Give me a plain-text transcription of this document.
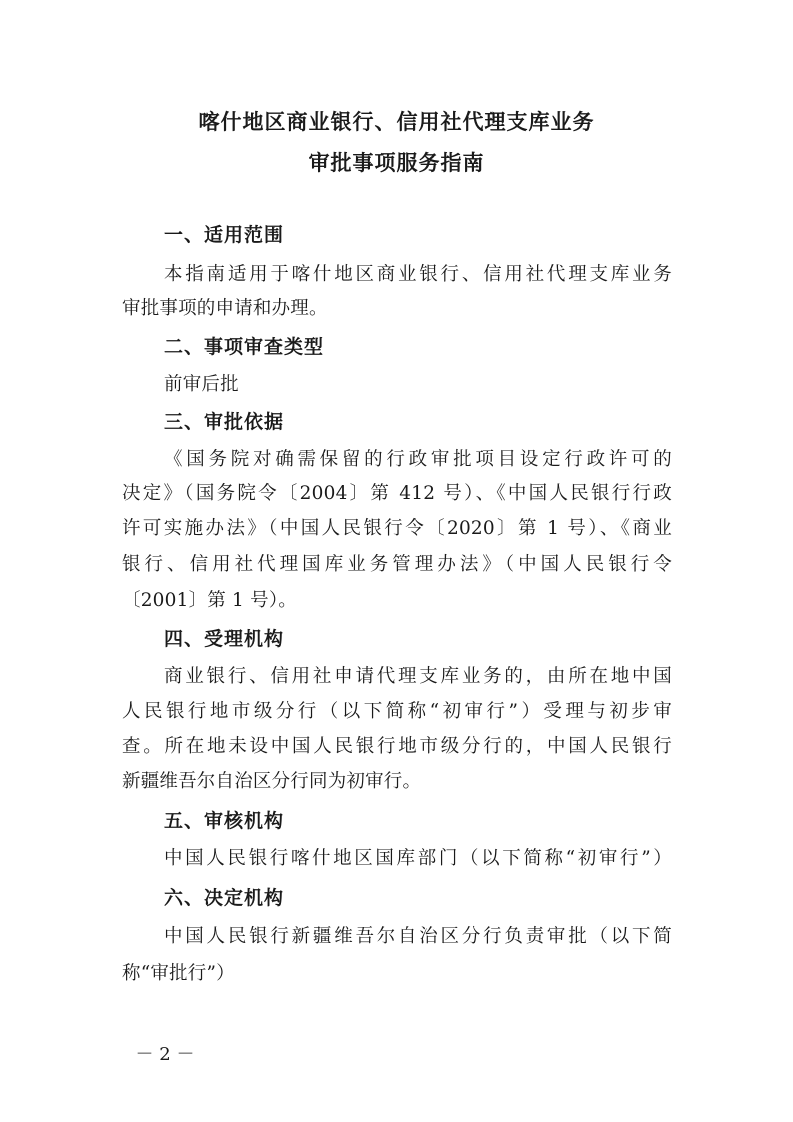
喀什地区商业银行、信用社代理支库业务
审批事项服务指南
一、适用范围
本指南适用于喀什地区商业银行、信用社代理支库业务
审批事项的申请和办理。
二、事项审查类型
前审后批
三、审批依据
《国务院对确需保留的行政审批项目设定行政许可的
决定》（国务院令〔2004〕第 412 号）、《中国人民银行行政
许可实施办法》（中国人民银行令〔2020〕第 1 号）、《商业
银行、信用社代理国库业务管理办法》（中国人民银行令
〔2001〕第 1 号）。
四、受理机构
商业银行、信用社申请代理支库业务的，由所在地中国
人民银行地市级分行（以下简称“初审行”）受理与初步审
查。所在地未设中国人民银行地市级分行的，中国人民银行
新疆维吾尔自治区分行同为初审行。
五、审核机构
中国人民银行喀什地区国库部门（以下简称“初审行”）
六、决定机构
中国人民银行新疆维吾尔自治区分行负责审批（以下简
称“审批行”）
－ 2 －
